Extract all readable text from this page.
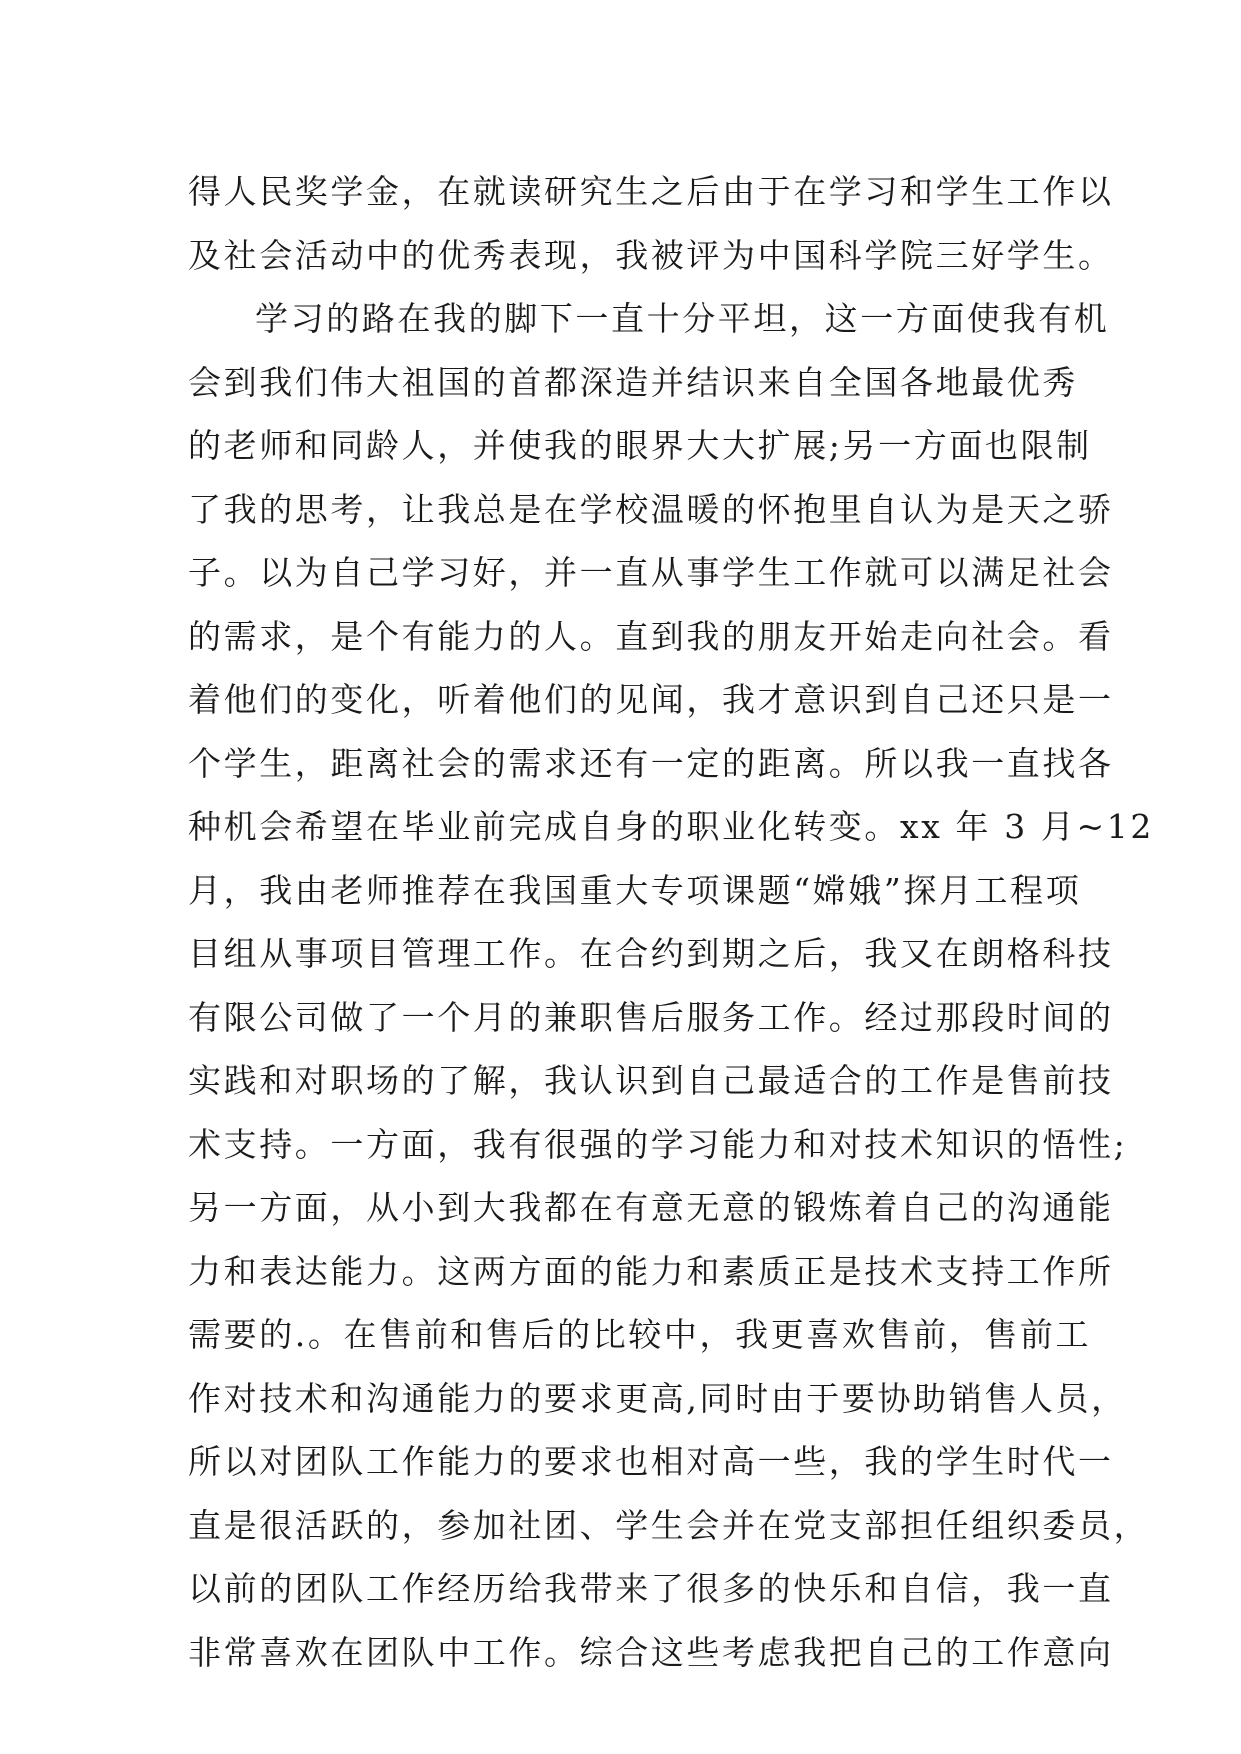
得人民奖学金，在就读研究生之后由于在学习和学生工作以
及社会活动中的优秀表现，我被评为中国科学院三好学生。
学习的路在我的脚下一直十分平坦，这一方面使我有机
会到我们伟大祖国的首都深造并结识来自全国各地最优秀
的老师和同龄人，并使我的眼界大大扩展;另一方面也限制
了我的思考，让我总是在学校温暖的怀抱里自认为是天之骄
子。以为自己学习好，并一直从事学生工作就可以满足社会
的需求，是个有能力的人。直到我的朋友开始走向社会。看
着他们的变化，听着他们的见闻，我才意识到自己还只是一
个学生，距离社会的需求还有一定的距离。所以我一直找各
种机会希望在毕业前完成自身的职业化转变。xx 年 3 月~12
月，我由老师推荐在我国重大专项课题“嫦娥”探月工程项
目组从事项目管理工作。在合约到期之后，我又在朗格科技
有限公司做了一个月的兼职售后服务工作。经过那段时间的
实践和对职场的了解，我认识到自己最适合的工作是售前技
术支持。一方面，我有很强的学习能力和对技术知识的悟性;
另一方面，从小到大我都在有意无意的锻炼着自己的沟通能
力和表达能力。这两方面的能力和素质正是技术支持工作所
需要的.。在售前和售后的比较中，我更喜欢售前，售前工
作对技术和沟通能力的要求更高,同时由于要协助销售人员，
所以对团队工作能力的要求也相对高一些，我的学生时代一
直是很活跃的，参加社团、学生会并在党支部担任组织委员，
以前的团队工作经历给我带来了很多的快乐和自信，我一直
非常喜欢在团队中工作。综合这些考虑我把自己的工作意向
